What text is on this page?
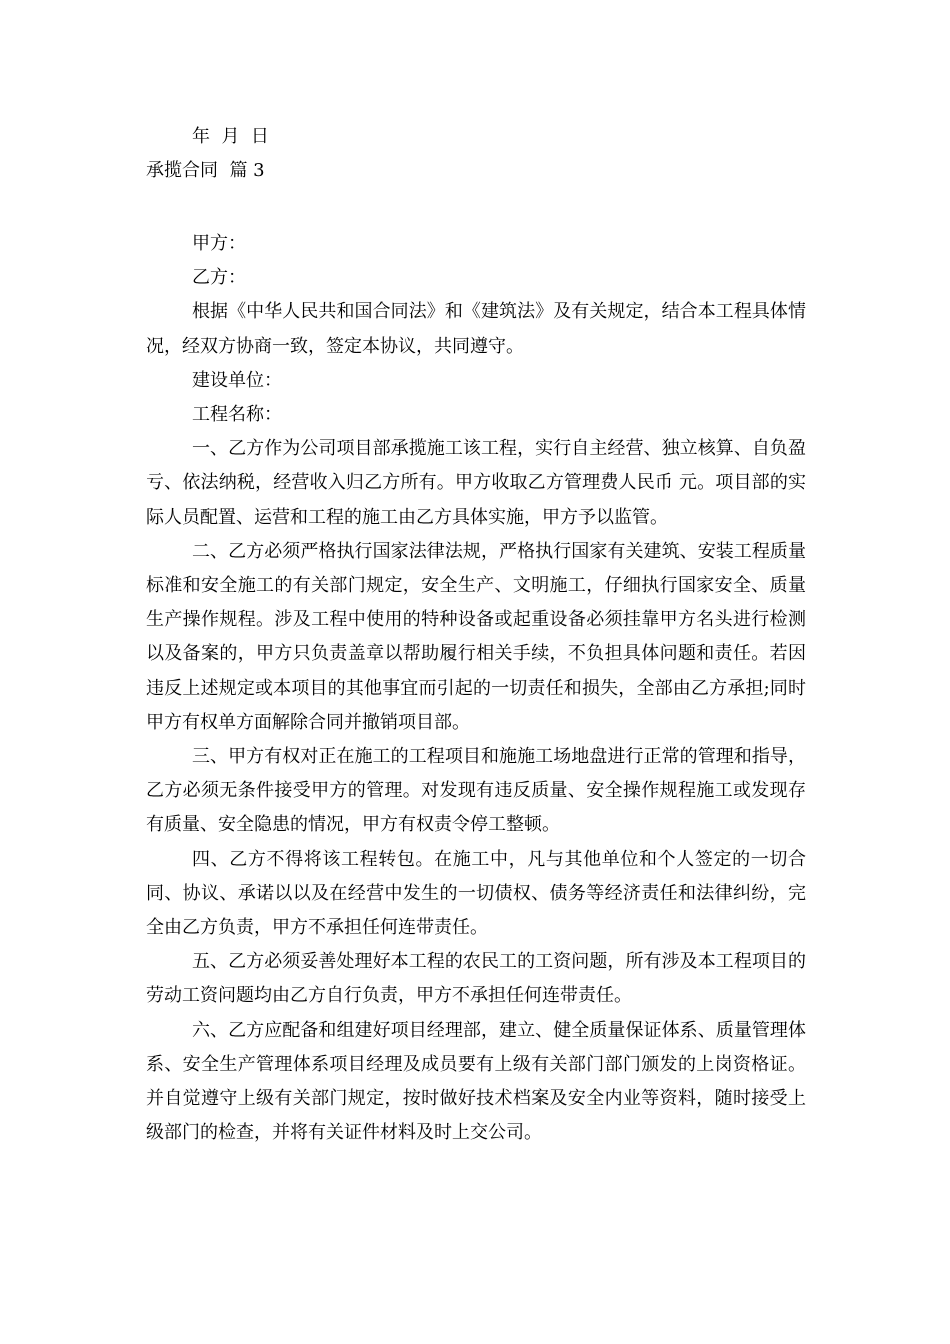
年  月  日
承揽合同  篇 3

甲方：

乙方：

根据《中华人民共和国合同法》和《建筑法》及有关规定，结合本工程具体情况，经双方协商一致，签定本协议，共同遵守。

建设单位：

工程名称：

一、乙方作为公司项目部承揽施工该工程，实行自主经营、独立核算、自负盈亏、依法纳税，经营收入归乙方所有。甲方收取乙方管理费人民币 元。项目部的实际人员配置、运营和工程的施工由乙方具体实施，甲方予以监管。

二、乙方必须严格执行国家法律法规，严格执行国家有关建筑、安装工程质量标准和安全施工的有关部门规定，安全生产、文明施工，仔细执行国家安全、质量生产操作规程。涉及工程中使用的特种设备或起重设备必须挂靠甲方名头进行检测以及备案的，甲方只负责盖章以帮助履行相关手续，不负担具体问题和责任。若因违反上述规定或本项目的其他事宜而引起的一切责任和损失，全部由乙方承担;同时甲方有权单方面解除合同并撤销项目部。

三、甲方有权对正在施工的工程项目和施施工场地盘进行正常的管理和指导，乙方必须无条件接受甲方的管理。对发现有违反质量、安全操作规程施工或发现存有质量、安全隐患的情况，甲方有权责令停工整顿。

四、乙方不得将该工程转包。在施工中，凡与其他单位和个人签定的一切合同、协议、承诺以以及在经营中发生的一切债权、债务等经济责任和法律纠纷，完全由乙方负责，甲方不承担任何连带责任。

五、乙方必须妥善处理好本工程的农民工的工资问题，所有涉及本工程项目的劳动工资问题均由乙方自行负责，甲方不承担任何连带责任。

六、乙方应配备和组建好项目经理部，建立、健全质量保证体系、质量管理体系、安全生产管理体系项目经理及成员要有上级有关部门部门颁发的上岗资格证。并自觉遵守上级有关部门规定，按时做好技术档案及安全内业等资料，随时接受上级部门的检查，并将有关证件材料及时上交公司。
